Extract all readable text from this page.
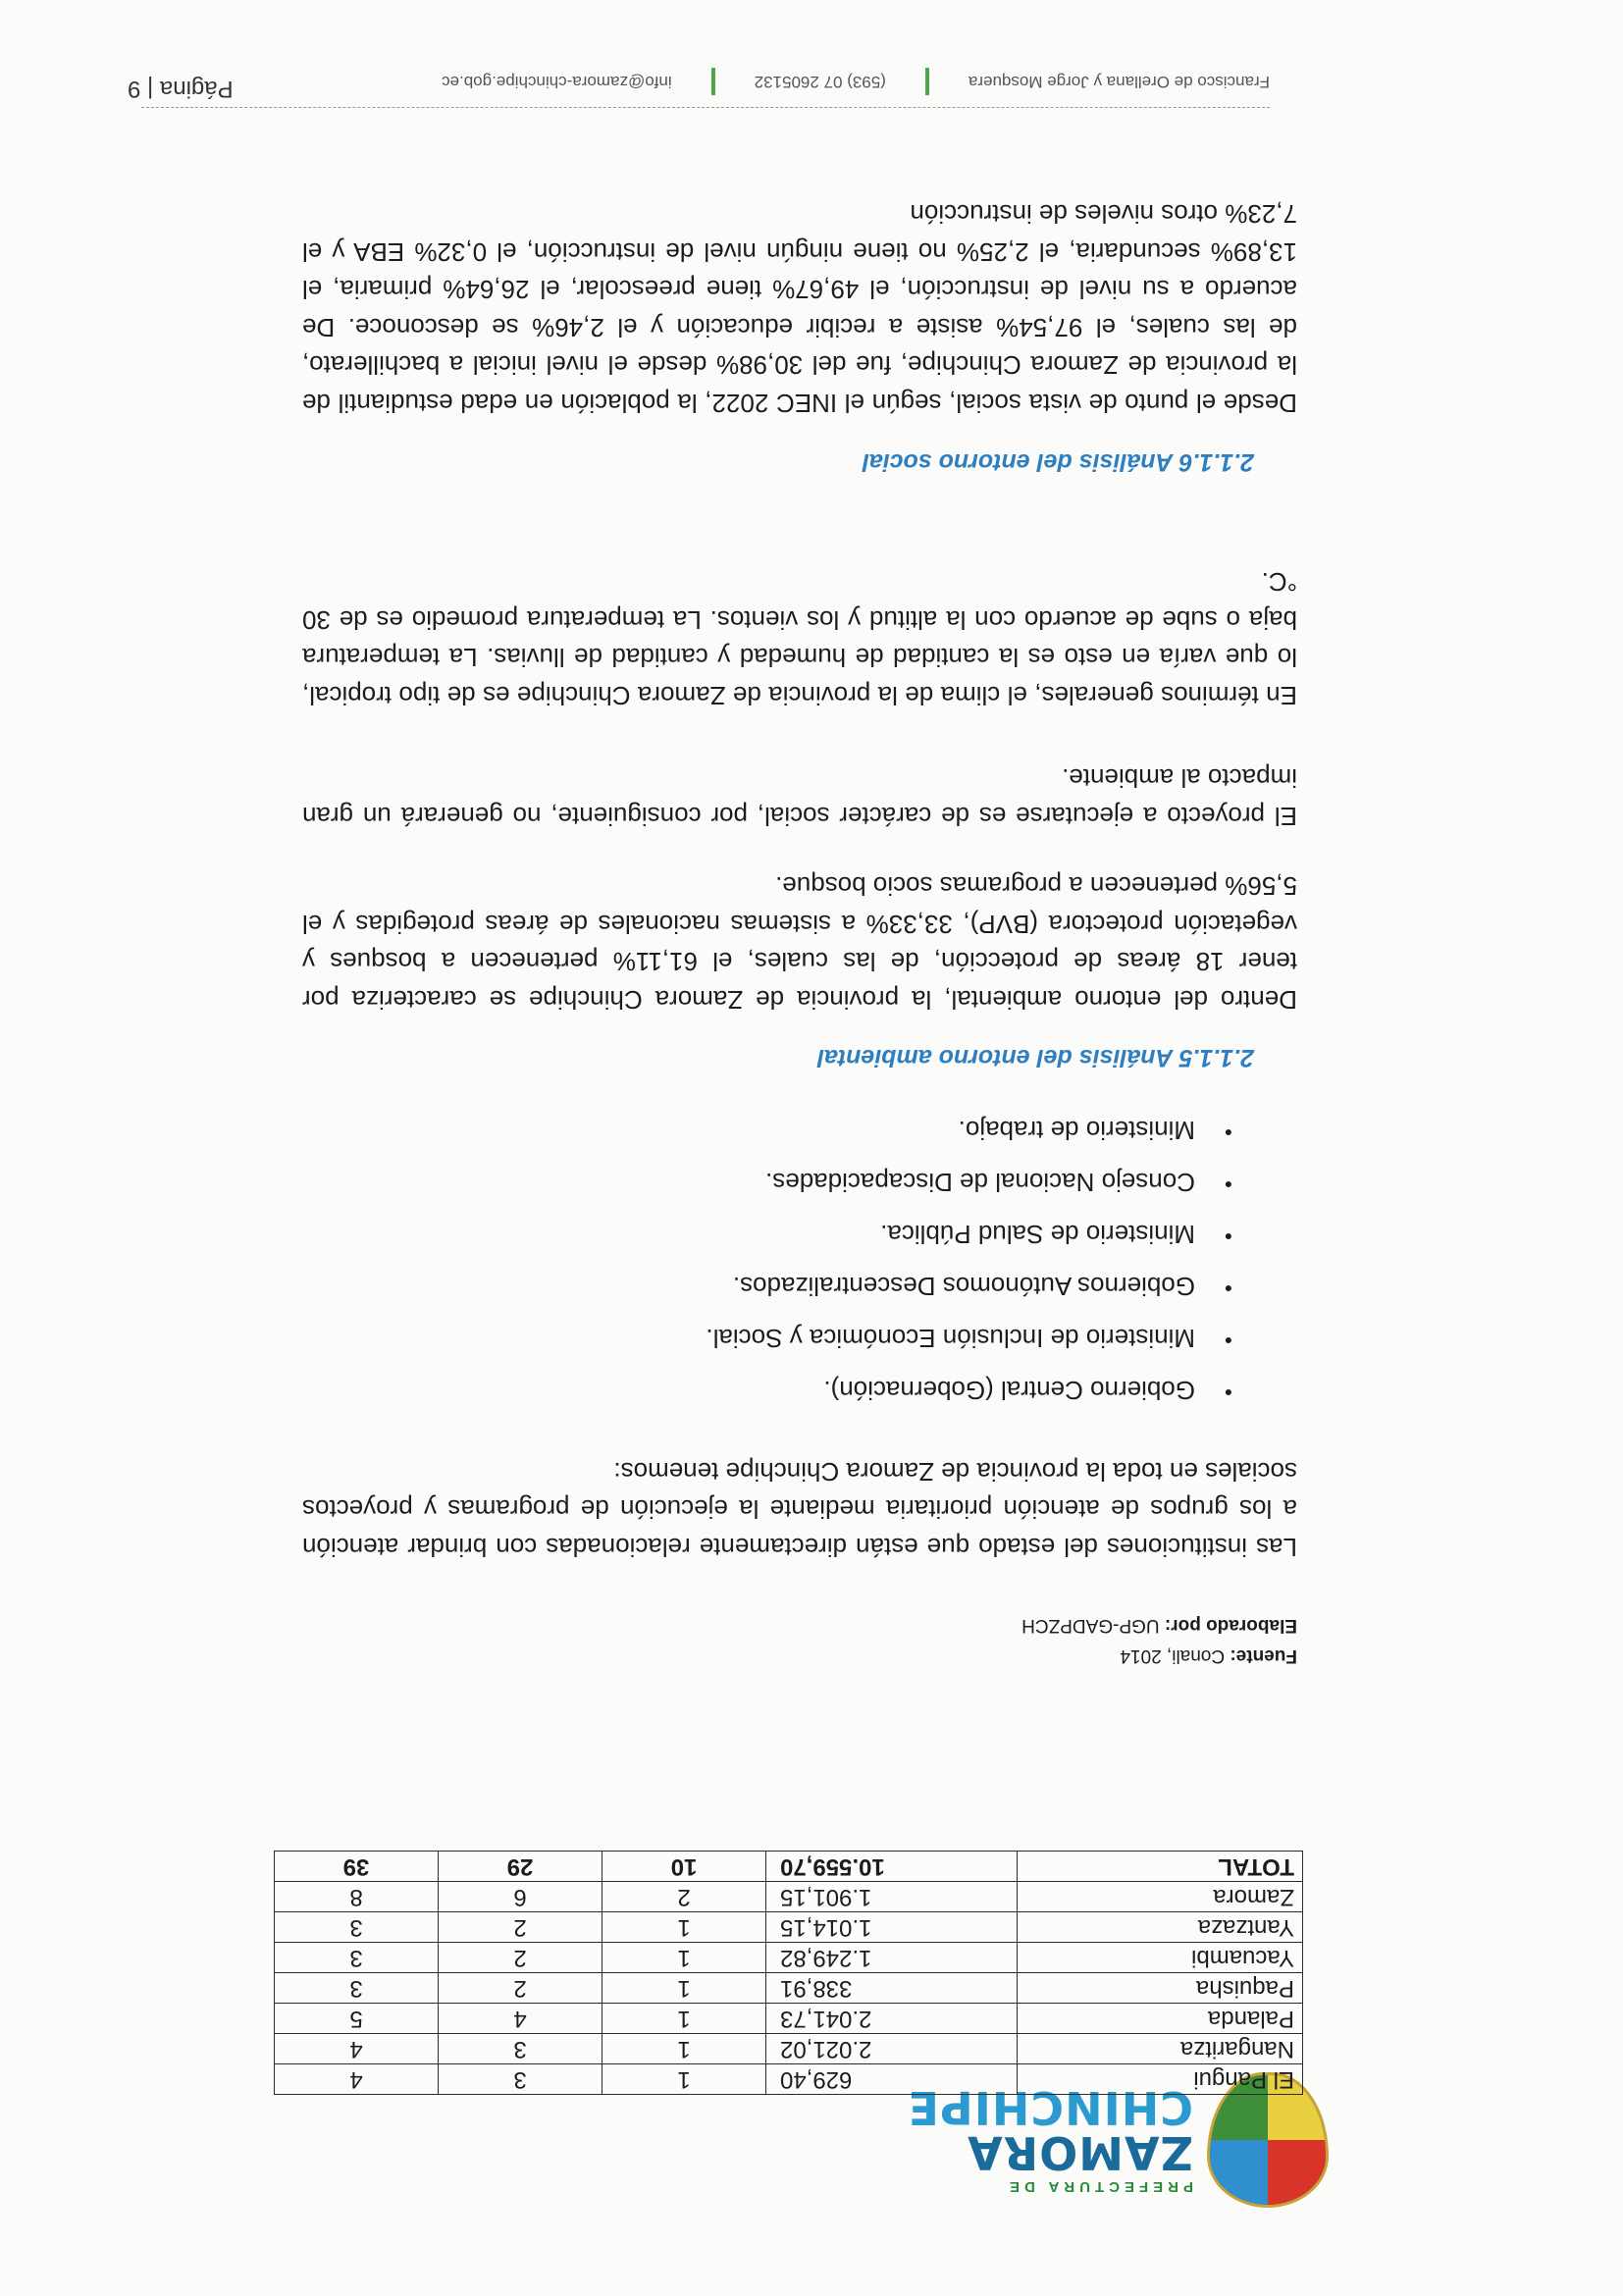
PREFECTURA DE
ZAMORA
CHINCHIPE
El Pangui	629,40	1	3	4
Nangaritza	2.021,02	1	3	4
Palanda	2.041,73	1	4	5
Paquisha	338,91	1	2	3
Yacuambi	1.249,82	1	2	3
Yantzaza	1.014,15	1	2	3
Zamora	1.901,15	2	6	8
TOTAL	10.559,70	10	29	39
Fuente: Conali, 2014
Elaborado por: UGP-GADPZCH

Las instituciones del estado que están directamente relacionadas con brindar atención a los grupos de atención prioritaria mediante la ejecución de programas y proyectos sociales en toda la provincia de Zamora Chinchipe tenemos:

● Gobierno Central (Gobernación).
● Ministerio de Inclusión Económica y Social.
● Gobiernos Autónomos Descentralizados.
● Ministerio de Salud Pública.
● Consejo Nacional de Discapacidades.
● Ministerio de trabajo.
2.1.1.5 Análisis del entorno ambiental

Dentro del entorno ambiental, la provincia de Zamora Chinchipe se caracteriza por tener 18 áreas de protección, de las cuales, el 61,11% pertenecen a bosques y vegetación protectora (BVP), 33,33% a sistemas nacionales de áreas protegidas y el 5,56% pertenecen a programas socio bosque.

El proyecto a ejecutarse es de carácter social, por consiguiente, no generará un gran impacto al ambiente.

En términos generales, el clima de la provincia de Zamora Chinchipe es de tipo tropical, lo que varía en esto es la cantidad de humedad y cantidad de lluvias. La temperatura baja o sube de acuerdo con la altitud y los vientos. La temperatura promedio es de 30 °C.

2.1.1.6 Análisis del entorno social

Desde el punto de vista social, según el INEC 2022, la población en edad estudiantil de la provincia de Zamora Chinchipe, fue del 30,98% desde el nivel inicial a bachillerato, de las cuales, el 97,54% asiste a recibir educación y el 2,46% se desconoce. De acuerdo a su nivel de instrucción, el 49,67% tiene preescolar, el 26,64% primaria, el 13,89% secundaria, el 2,25% no tiene ningún nivel de instrucción, el 0,32% EBA y el 7,23% otros niveles de instrucción

Francisco de Orellana y Jorge Mosquera
(593) 07 2605132
info@zamora-chinchipe.gob.ec
Página | 9
